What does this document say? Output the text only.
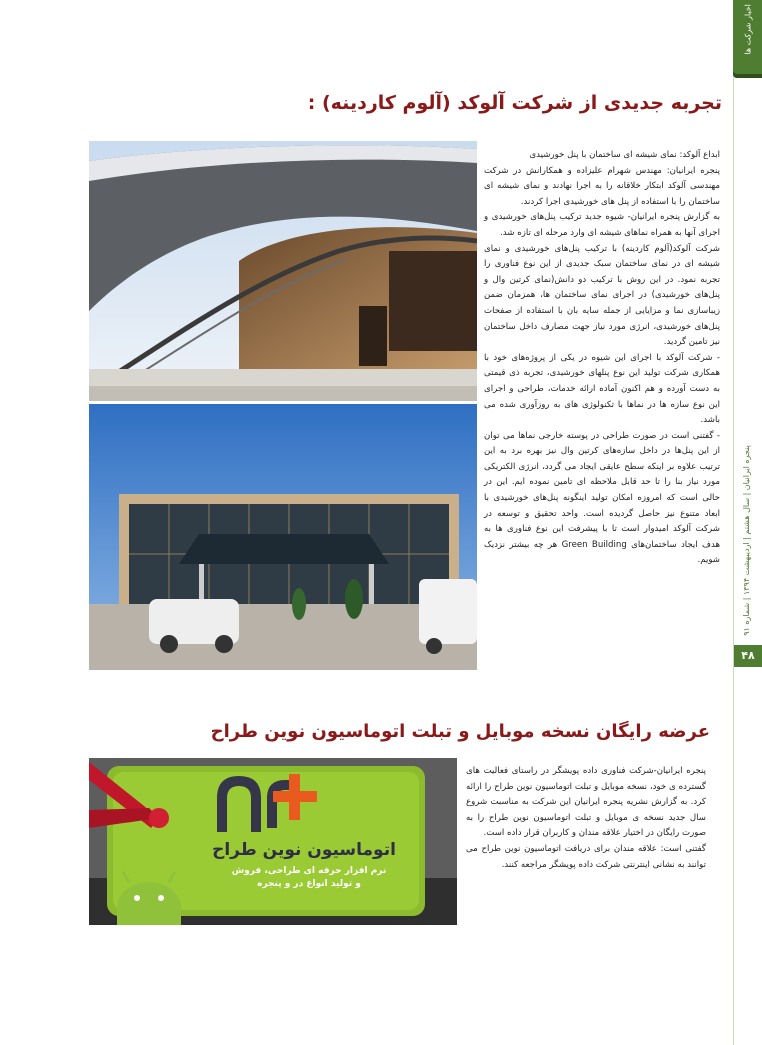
اخبار شرکت ها
پنجره ایرانیان | سال هشتم | اردیبهشت ۱۳۹۴ | شماره ۹۱
۴۸
تجربه جدیدی از شرکت آلوکد (آلوم کاردینه) :

ابداع آلوکد: نمای شیشه ای ساختمان با پنل خورشیدی

پنجره ایرانیان: مهندس شهرام علیزاده و همکارانش در شرکت مهندسی آلوکد ابتکار خلاقانه را به اجرا نهادند و نمای شیشه ای ساختمان را با استفاده از پنل های خورشیدی اجرا کردند.

به گزارش پنجره ایرانیان- شیوه جدید ترکیب پنل‌های خورشیدی و اجرای آنها به همراه نماهای شیشه ای وارد مرحله ای تازه شد.

شرکت آلوکد(آلوم کاردینه) با ترکیب پنل‌های خورشیدی و نمای شیشه ای در نمای ساختمان سبک جدیدی از این نوع فناوری را تجربه نمود. در این روش با ترکیب دو دانش(نمای کرتین وال و پنل‌های خورشیدی) در اجرای نمای ساختمان ها، همزمان ضمن زیباسازی نما و مزایایی از جمله سایه بان با استفاده از صفحات پنل‌های خورشیدی، انرژی مورد نیاز جهت مصارف داخل ساختمان نیز تامین گردید.

- شرکت آلوکد با اجرای این شیوه در یکی از پروژه‌های خود با همکاری شرکت تولید این نوع پنلهای خورشیدی، تجربه ذی قیمتی به دست آورده و هم اکنون آماده ارائه خدمات، طراحی و اجرای این نوع سازه ها در نماها با تکنولوژی های به روزآوری شده می باشد.

- گفتنی است در صورت طراحی در پوسته خارجی نماها می توان از این پنل‌ها در داخل سازه‌های کرتین وال نیز بهره برد به این ترتیب علاوه بر اینکه سطح عایقی ایجاد می گردد، انرژی الکتریکی مورد نیاز بنا را تا حد قابل ملاحظه ای تامین نموده ایم. این در حالی است که امروزه امکان تولید اینگونه پنل‌های خورشیدی با ابعاد متنوع نیز حاصل گردیده است. واحد تحقیق و توسعه در شرکت آلوکد امیدوار است تا با پیشرفت این نوع فناوری ها به هدف ایجاد ساختمان‌های Green Building هر چه بیشتر نزدیک شویم.

عرضه رایگان نسخه موبایل و تبلت اتوماسیون نوین طراح
اتوماسیون نوین طراح
نرم افزار حرفه ای طراحی، فروش
و تولید انواع در و پنجره

پنجره ایرانیان-شرکت فناوری داده پویشگر در راستای فعالیت های گسترده ی خود، نسخه موبایل و تبلت اتوماسیون نوین طراح را ارائه کرد. به گزارش نشریه پنجره ایرانیان این شرکت به مناسبت شروع سال جدید نسخه ی موبایل و تبلت اتوماسیون نوین طراح را به صورت رایگان در اختیار علاقه مندان و کاربران قرار داده است.

گفتنی است: علاقه مندان برای دریافت اتوماسیون نوین طراح می توانند به نشانی اینترنتی شرکت داده پویشگر مراجعه کنند.
